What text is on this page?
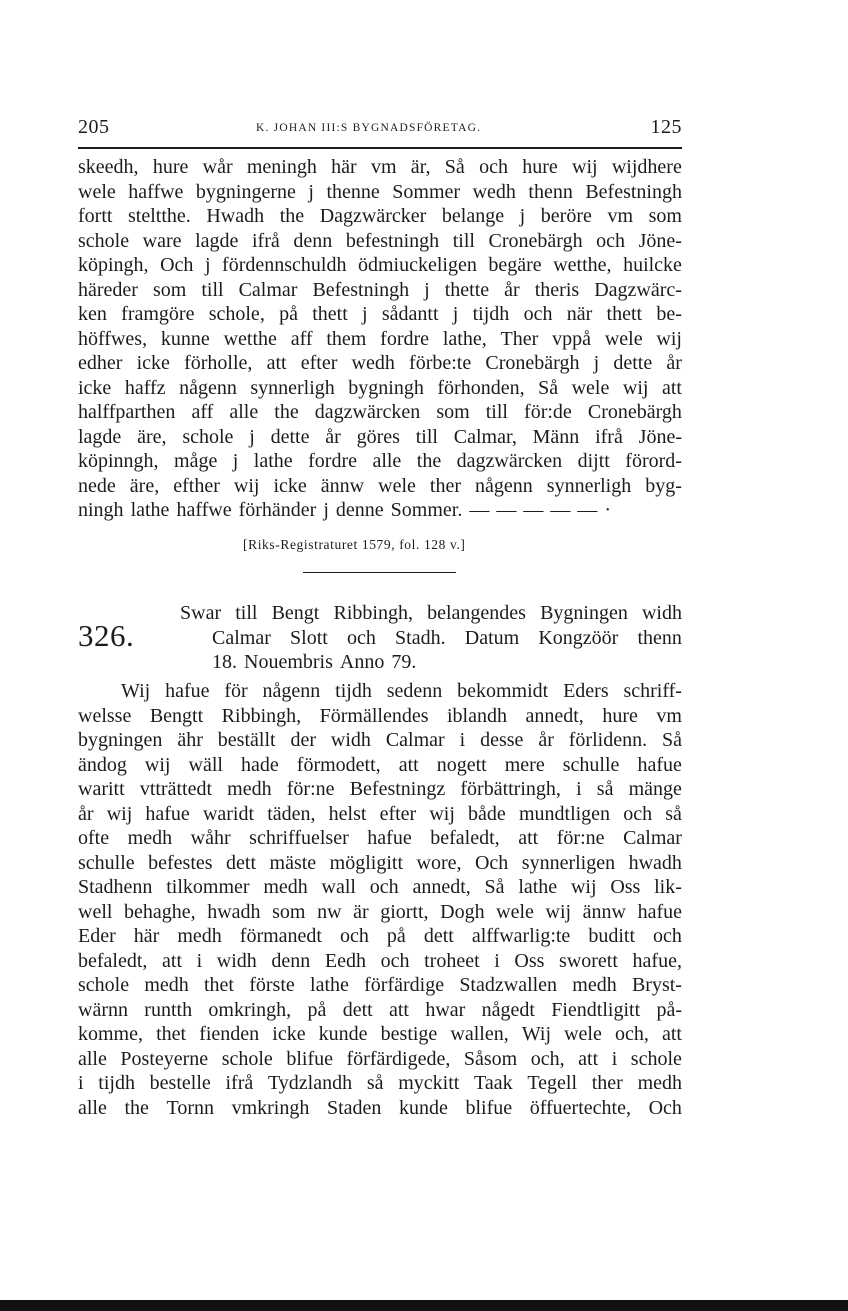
205	K. JOHAN III:S BYGNADSFÖRETAG.	125
skeedh, hure wår meningh här vm är, Så och hure wij wijdhere
wele haffwe bygningerne j thenne Sommer wedh thenn Befestningh
fortt steltthe. Hwadh the Dagzwärcker belange j beröre vm som
schole ware lagde ifrå denn befestningh till Cronebärgh och Jöne-
köpingh, Och j fördennschuldh ödmiuckeligen begäre wetthe, huilcke
häreder som till Calmar Befestningh j thette år theris Dagzwärc-
ken framgöre schole, på thett j sådantt j tijdh och när thett be-
höffwes, kunne wetthe aff them fordre lathe, Ther vppå wele wij
edher icke förholle, att efter wedh förbe:te Cronebärgh j dette år
icke haffz någenn synnerligh bygningh förhonden, Så wele wij att
halffparthen aff alle the dagzwärcken som till för:de Cronebärgh
lagde äre, schole j dette år göres till Calmar, Männ ifrå Jöne-
köpinngh, måge j lathe fordre alle the dagzwärcken dijtt förord-
nede äre, efther wij icke ännw wele ther någenn synnerligh byg-
ningh lathe haffwe förhänder j denne Sommer. — — — — — ·
[Riks-Registraturet 1579, fol. 128 v.]
326.
Swar till Bengt Ribbingh, belangendes Bygningen widh
Calmar Slott och Stadh. Datum Kongzöör thenn
18. Nouembris Anno 79.
Wij hafue för någenn tijdh sedenn bekommidt Eders schriff-
welsse Bengtt Ribbingh, Förmällendes iblandh annedt, hure vm
bygningen ähr beställt der widh Calmar i desse år förlidenn. Så
ändog wij wäll hade förmodett, att nogett mere schulle hafue
waritt vtträttedt medh för:ne Befestningz förbättringh, i så mänge
år wij hafue waridt täden, helst efter wij både mundtligen och så
ofte medh wåhr schriffuelser hafue befaledt, att för:ne Calmar
schulle befestes dett mäste mögligitt wore, Och synnerligen hwadh
Stadhenn tilkommer medh wall och annedt, Så lathe wij Oss lik-
well behaghe, hwadh som nw är giortt, Dogh wele wij ännw hafue
Eder här medh förmanedt och på dett alffwarlig:te buditt och
befaledt, att i widh denn Eedh och troheet i Oss sworett hafue,
schole medh thet förste lathe förfärdige Stadzwallen medh Bryst-
wärnn runtth omkringh, på dett att hwar någedt Fiendtligitt på-
komme, thet fienden icke kunde bestige wallen, Wij wele och, att
alle Posteyerne schole blifue förfärdigede, Såsom och, att i schole
i tijdh bestelle ifrå Tydzlandh så myckitt Taak Tegell ther medh
alle the Tornn vmkringh Staden kunde blifue öffuertechte, Och
